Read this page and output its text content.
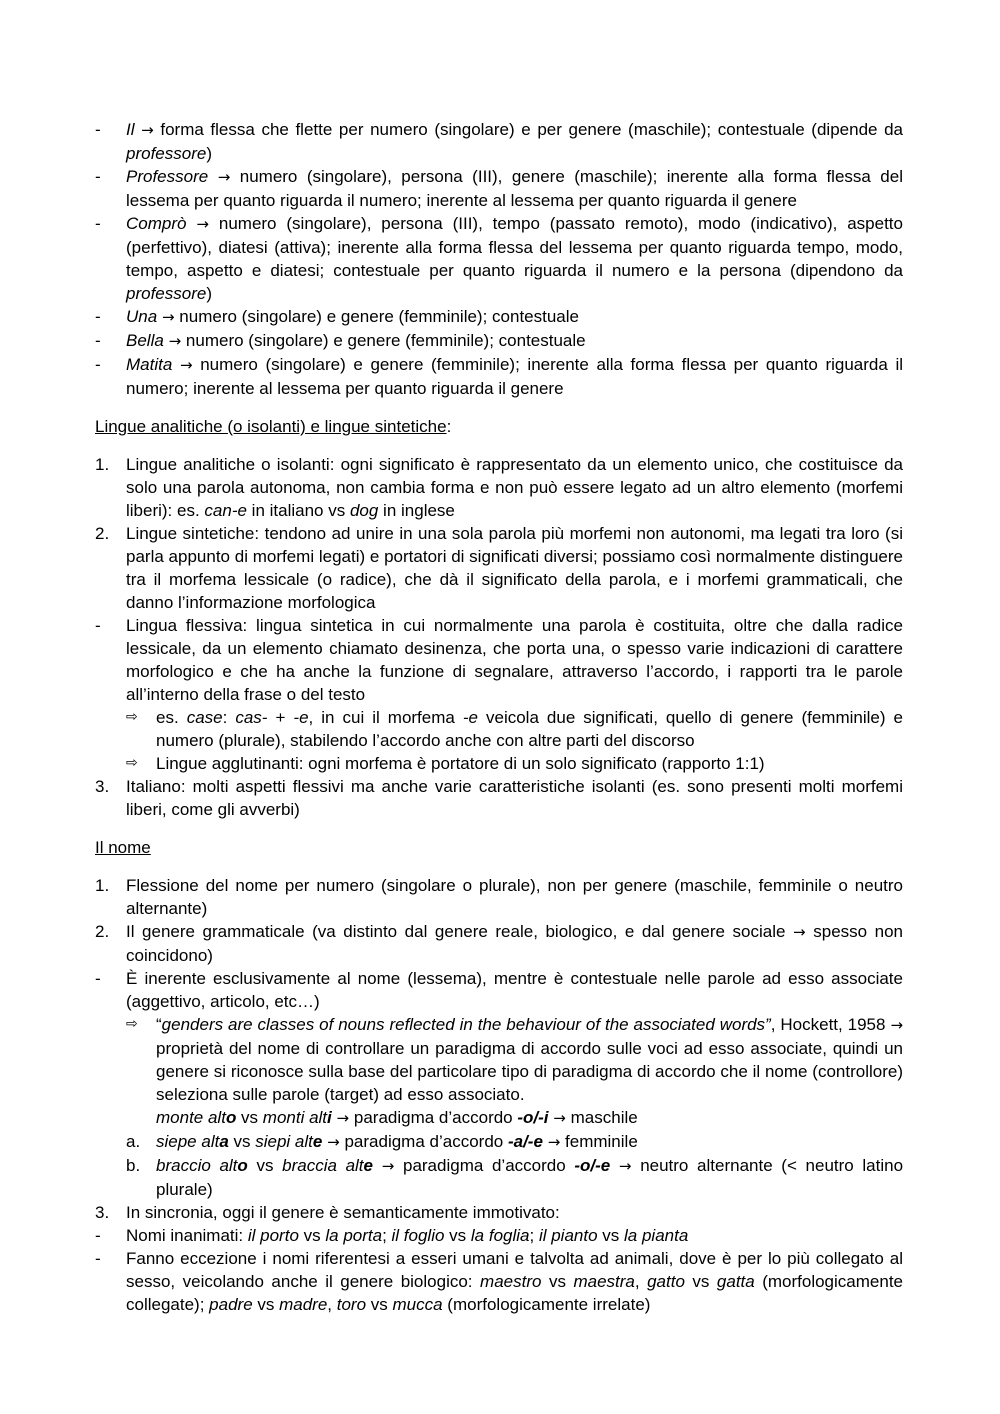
- Il → forma flessa che flette per numero (singolare) e per genere (maschile); contestuale (dipende da professore)
- Professore → numero (singolare), persona (III), genere (maschile); inerente alla forma flessa del lessema per quanto riguarda il numero; inerente al lessema per quanto riguarda il genere
- Comprò → numero (singolare), persona (III), tempo (passato remoto), modo (indicativo), aspetto (perfettivo), diatesi (attiva); inerente alla forma flessa del lessema per quanto riguarda tempo, modo, tempo, aspetto e diatesi; contestuale per quanto riguarda il numero e la persona (dipendono da professore)
- Una → numero (singolare) e genere (femminile); contestuale
- Bella → numero (singolare) e genere (femminile); contestuale
- Matita → numero (singolare) e genere (femminile); inerente alla forma flessa per quanto riguarda il numero; inerente al lessema per quanto riguarda il genere

Lingue analitiche (o isolanti) e lingue sintetiche:

1. Lingue analitiche o isolanti: ogni significato è rappresentato da un elemento unico, che costituisce da solo una parola autonoma, non cambia forma e non può essere legato ad un altro elemento (morfemi liberi): es. can-e in italiano vs dog in inglese
2. Lingue sintetiche: tendono ad unire in una sola parola più morfemi non autonomi, ma legati tra loro (si parla appunto di morfemi legati) e portatori di significati diversi; possiamo così normalmente distinguere tra il morfema lessicale (o radice), che dà il significato della parola, e i morfemi grammaticali, che danno l’informazione morfologica
- Lingua flessiva: lingua sintetica in cui normalmente una parola è costituita, oltre che dalla radice lessicale, da un elemento chiamato desinenza, che porta una, o spesso varie indicazioni di carattere morfologico e che ha anche la funzione di segnalare, attraverso l’accordo, i rapporti tra le parole all’interno della frase o del testo
⇨ es. case: cas- + -e, in cui il morfema -e veicola due significati, quello di genere (femminile) e numero (plurale), stabilendo l’accordo anche con altre parti del discorso
⇨ Lingue agglutinanti: ogni morfema è portatore di un solo significato (rapporto 1:1)
3. Italiano: molti aspetti flessivi ma anche varie caratteristiche isolanti (es. sono presenti molti morfemi liberi, come gli avverbi)

Il nome

1. Flessione del nome per numero (singolare o plurale), non per genere (maschile, femminile o neutro alternante)
2. Il genere grammaticale (va distinto dal genere reale, biologico, e dal genere sociale → spesso non coincidono)
- È inerente esclusivamente al nome (lessema), mentre è contestuale nelle parole ad esso associate (aggettivo, articolo, etc…)
⇨ “genders are classes of nouns reflected in the behaviour of the associated words”, Hockett, 1958 → proprietà del nome di controllare un paradigma di accordo sulle voci ad esso associate, quindi un genere si riconosce sulla base del particolare tipo di paradigma di accordo che il nome (controllore) seleziona sulle parole (target) ad esso associato.
monte alto vs monti alti → paradigma d’accordo -o/-i → maschile
a. siepe alta vs siepi alte → paradigma d’accordo -a/-e → femminile
b. braccio alto vs braccia alte → paradigma d’accordo -o/-e → neutro alternante (< neutro latino plurale)
3. In sincronia, oggi il genere è semanticamente immotivato:
- Nomi inanimati: il porto vs la porta; il foglio vs la foglia; il pianto vs la pianta
- Fanno eccezione i nomi riferentesi a esseri umani e talvolta ad animali, dove è per lo più collegato al sesso, veicolando anche il genere biologico: maestro vs maestra, gatto vs gatta (morfologicamente collegate); padre vs madre, toro vs mucca (morfologicamente irrelate)
